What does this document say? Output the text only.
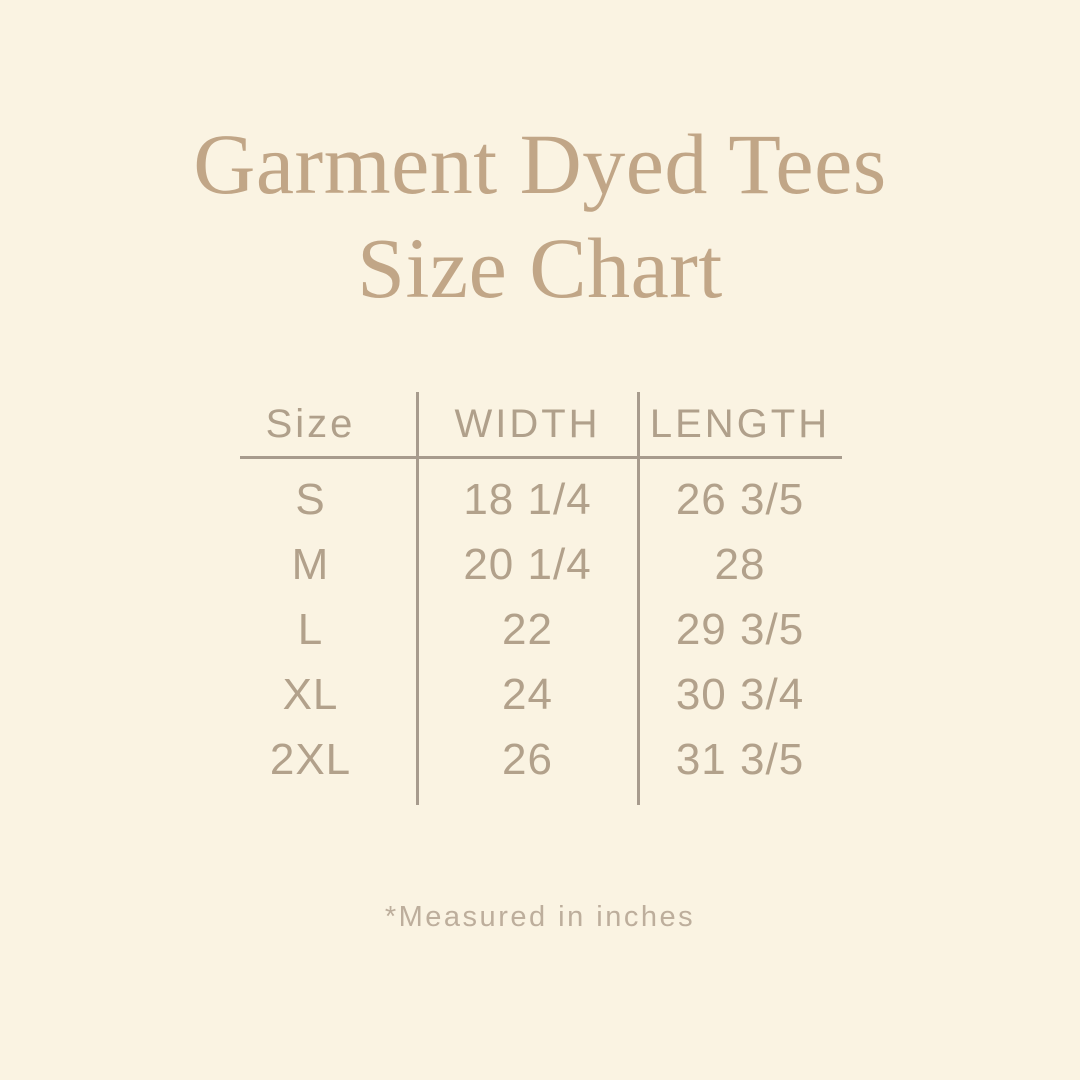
Garment Dyed Tees
Size Chart
Size	WIDTH	LENGTH
S	18 1/4	26 3/5
M	20 1/4	28
L	22	29 3/5
XL	24	30 3/4
2XL	26	31 3/5
*Measured in inches
